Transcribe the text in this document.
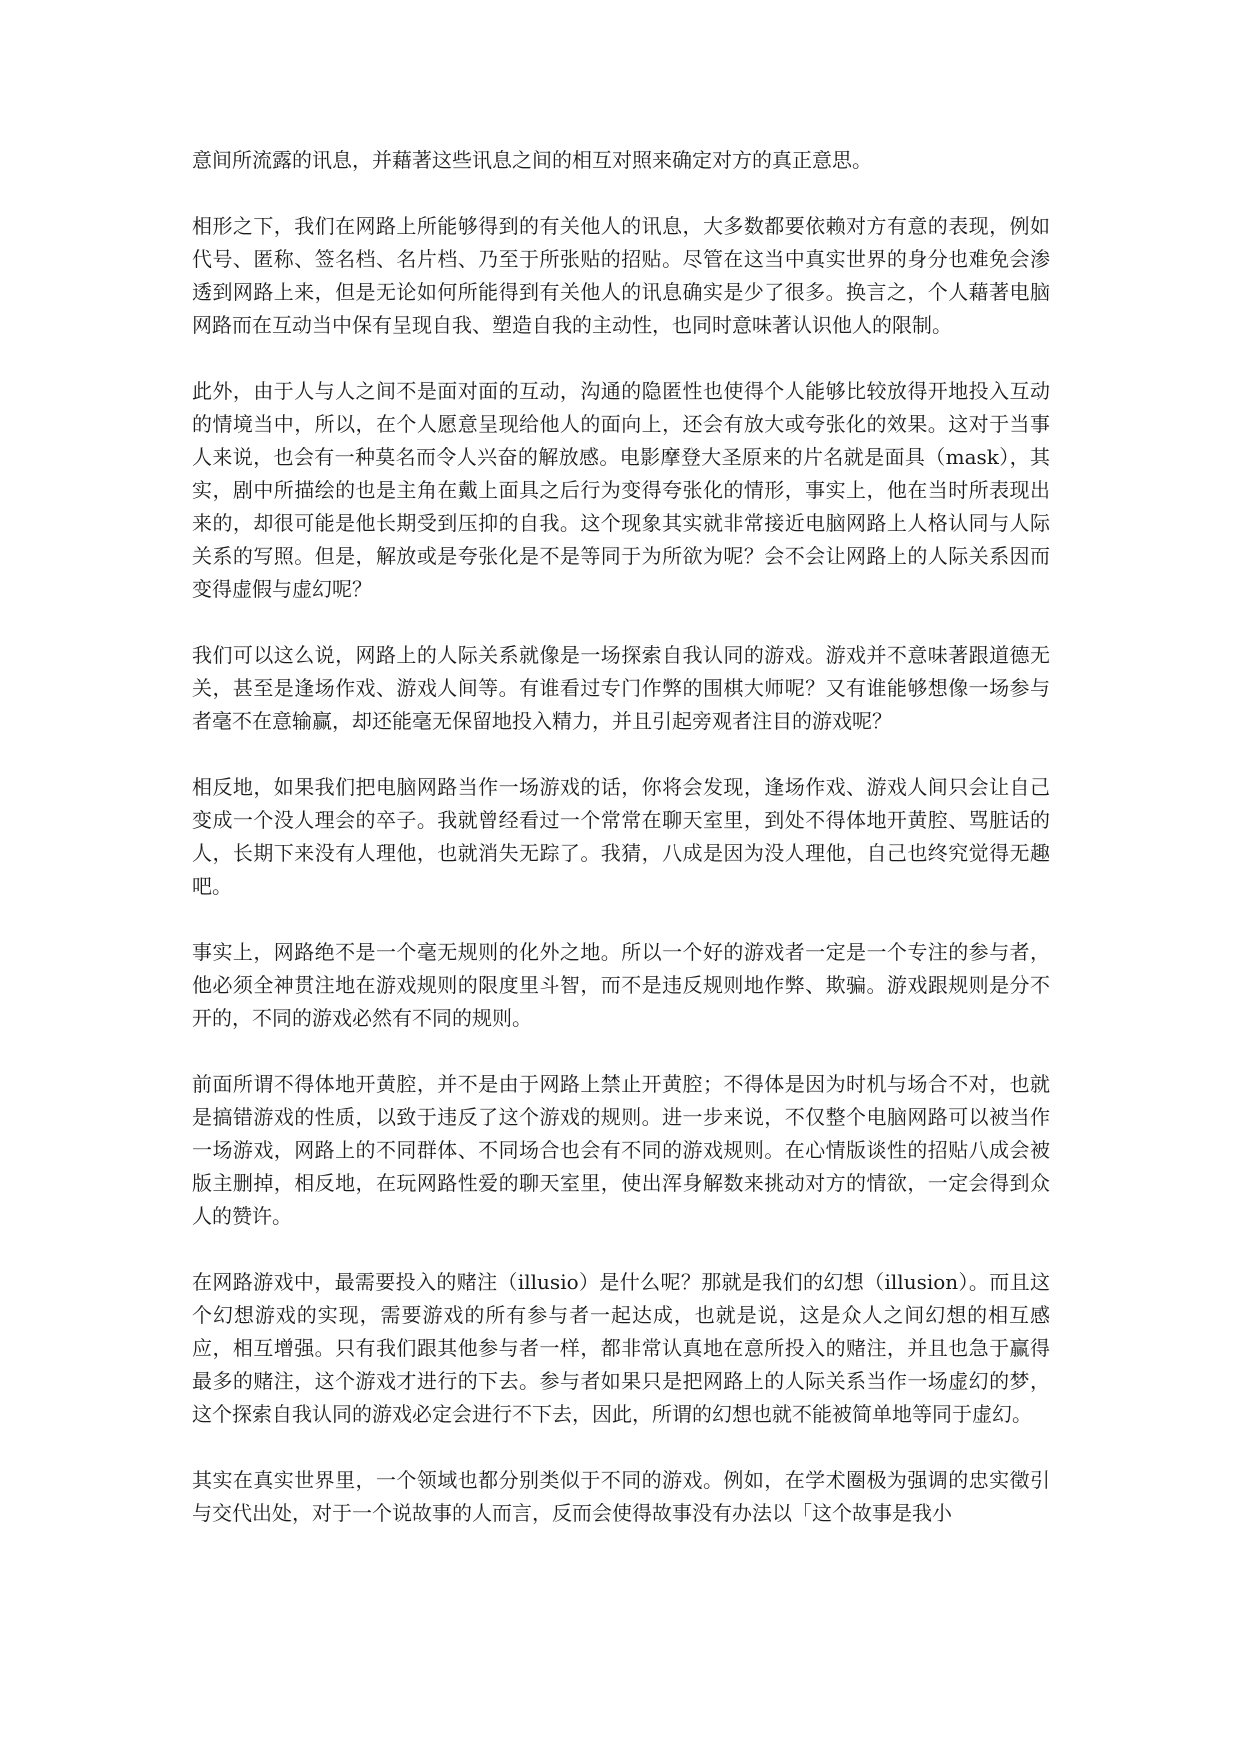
意间所流露的讯息，并藉著这些讯息之间的相互对照来确定对方的真正意思。

相形之下，我们在网路上所能够得到的有关他人的讯息，大多数都要依赖对方有意的表现，例如代号、匿称、签名档、名片档、乃至于所张贴的招贴。尽管在这当中真实世界的身分也难免会渗透到网路上来，但是无论如何所能得到有关他人的讯息确实是少了很多。换言之，个人藉著电脑网路而在互动当中保有呈现自我、塑造自我的主动性，也同时意味著认识他人的限制。

此外，由于人与人之间不是面对面的互动，沟通的隐匿性也使得个人能够比较放得开地投入互动的情境当中，所以，在个人愿意呈现给他人的面向上，还会有放大或夸张化的效果。这对于当事人来说，也会有一种莫名而令人兴奋的解放感。电影摩登大圣原来的片名就是面具（mask），其实，剧中所描绘的也是主角在戴上面具之后行为变得夸张化的情形，事实上，他在当时所表现出来的，却很可能是他长期受到压抑的自我。这个现象其实就非常接近电脑网路上人格认同与人际关系的写照。但是，解放或是夸张化是不是等同于为所欲为呢？会不会让网路上的人际关系因而变得虚假与虚幻呢？

我们可以这么说，网路上的人际关系就像是一场探索自我认同的游戏。游戏并不意味著跟道德无关，甚至是逢场作戏、游戏人间等。有谁看过专门作弊的围棋大师呢？又有谁能够想像一场参与者毫不在意输赢，却还能毫无保留地投入精力，并且引起旁观者注目的游戏呢？

相反地，如果我们把电脑网路当作一场游戏的话，你将会发现，逢场作戏、游戏人间只会让自己变成一个没人理会的卒子。我就曾经看过一个常常在聊天室里，到处不得体地开黄腔、骂脏话的人，长期下来没有人理他，也就消失无踪了。我猜，八成是因为没人理他，自己也终究觉得无趣吧。

事实上，网路绝不是一个毫无规则的化外之地。所以一个好的游戏者一定是一个专注的参与者，他必须全神贯注地在游戏规则的限度里斗智，而不是违反规则地作弊、欺骗。游戏跟规则是分不开的，不同的游戏必然有不同的规则。

前面所谓不得体地开黄腔，并不是由于网路上禁止开黄腔；不得体是因为时机与场合不对，也就是搞错游戏的性质，以致于违反了这个游戏的规则。进一步来说，不仅整个电脑网路可以被当作一场游戏，网路上的不同群体、不同场合也会有不同的游戏规则。在心情版谈性的招贴八成会被版主删掉，相反地，在玩网路性爱的聊天室里，使出浑身解数来挑动对方的情欲，一定会得到众人的赞许。

在网路游戏中，最需要投入的赌注（illusio）是什么呢？那就是我们的幻想（illusion）。而且这个幻想游戏的实现，需要游戏的所有参与者一起达成，也就是说，这是众人之间幻想的相互感应，相互增强。只有我们跟其他参与者一样，都非常认真地在意所投入的赌注，并且也急于赢得最多的赌注，这个游戏才进行的下去。参与者如果只是把网路上的人际关系当作一场虚幻的梦，这个探索自我认同的游戏必定会进行不下去，因此，所谓的幻想也就不能被简单地等同于虚幻。

其实在真实世界里，一个领域也都分别类似于不同的游戏。例如，在学术圈极为强调的忠实徵引与交代出处，对于一个说故事的人而言，反而会使得故事没有办法以「这个故事是我小
